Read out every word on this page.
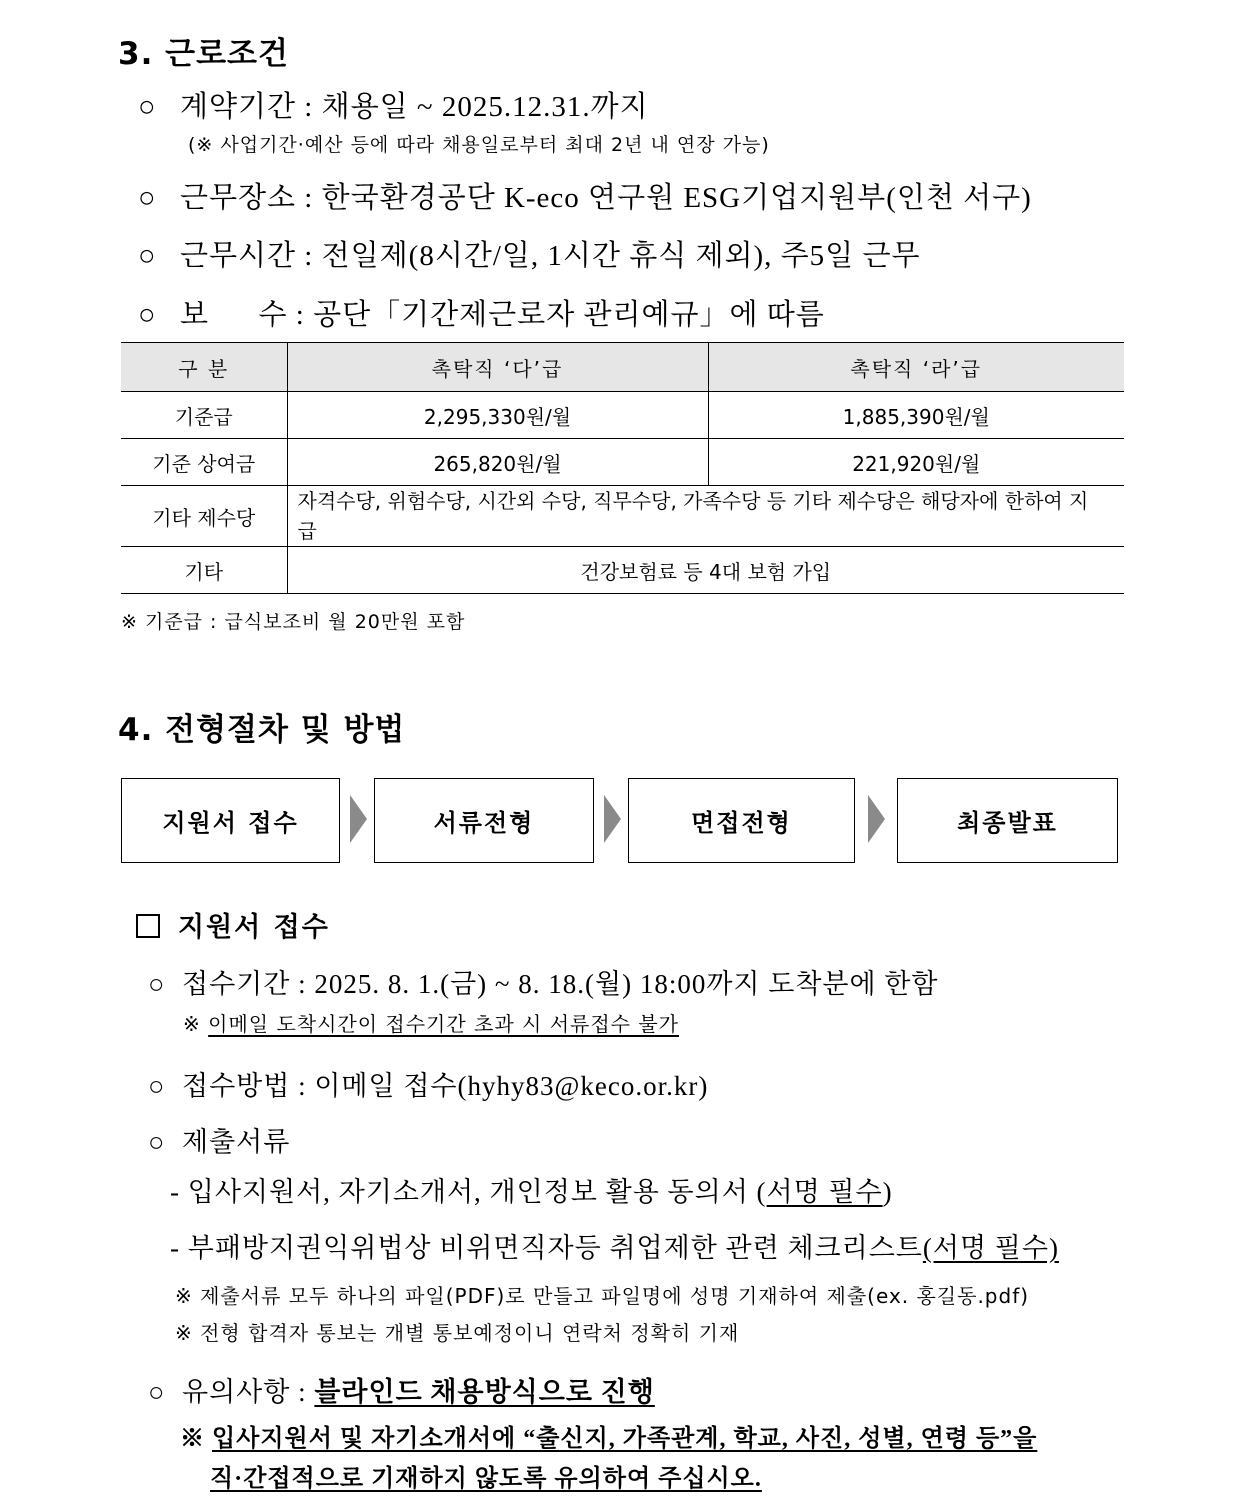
3. 근로조건
○ 계약기간 : 채용일 ~ 2025.12.31.까지
(※ 사업기간·예산 등에 따라 채용일로부터 최대 2년 내 연장 가능)
○ 근무장소 : 한국환경공단 K-eco 연구원 ESG기업지원부(인천 서구)
○ 근무시간 : 전일제(8시간/일, 1시간 휴식 제외), 주5일 근무
○ 보      수 : 공단「기간제근로자 관리예규」에 따름
구 분	촉탁직 ‘다’급	촉탁직 ‘라’급
기준급	2,295,330원/월	1,885,390원/월
기준 상여금	265,820원/월	221,920원/월
기타 제수당	자격수당, 위험수당, 시간외 수당, 직무수당, 가족수당 등 기타 제수당은 해당자에 한하여 지급	
기타	건강보험료 등 4대 보험 가입	
※ 기준급 : 급식보조비 월 20만원 포함
4. 전형절차 및 방법
지원서 접수	서류전형	면접전형	최종발표
지원서 접수
○ 접수기간 : 2025. 8. 1.(금) ~ 8. 18.(월) 18:00까지 도착분에 한함
※ 이메일 도착시간이 접수기간 초과 시 서류접수 불가
○ 접수방법 : 이메일 접수(hyhy83@keco.or.kr)
○ 제출서류
- 입사지원서, 자기소개서, 개인정보 활용 동의서 (서명 필수)
- 부패방지권익위법상 비위면직자등 취업제한 관련 체크리스트(서명 필수)
※ 제출서류 모두 하나의 파일(PDF)로 만들고 파일명에 성명 기재하여 제출(ex. 홍길동.pdf)
※ 전형 합격자 통보는 개별 통보예정이니 연락처 정확히 기재
○ 유의사항 : 블라인드 채용방식으로 진행
※ 입사지원서 및 자기소개서에 “출신지, 가족관계, 학교, 사진, 성별, 연령 등”을
직·간접적으로 기재하지 않도록 유의하여 주십시오.
